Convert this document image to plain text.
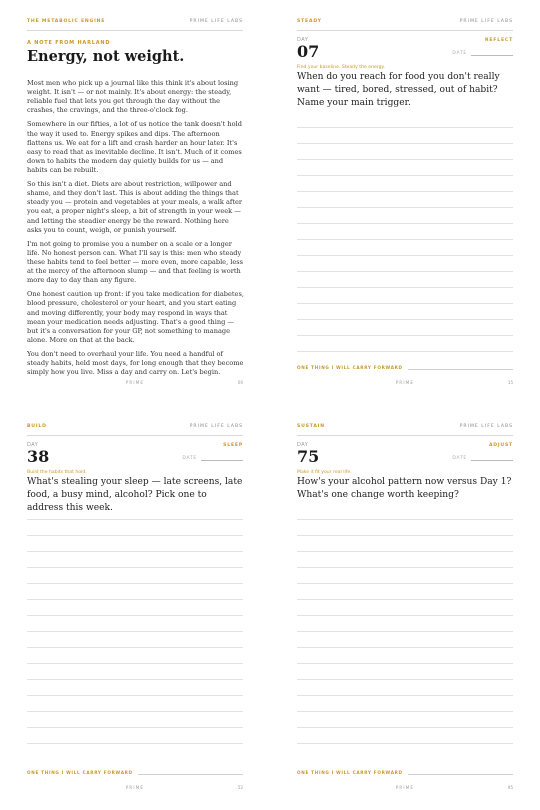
THE METABOLIC ENGINE	PRIME LIFE LABS
A NOTE FROM HARLAND
Energy, not weight.

Most men who pick up a journal like this think it's about losing weight. It isn't — or not mainly. It's about energy: the steady, reliable fuel that lets you get through the day without the crashes, the cravings, and the three-o'clock fog.

Somewhere in our fifties, a lot of us notice the tank doesn't hold the way it used to. Energy spikes and dips. The afternoon flattens us. We eat for a lift and crash harder an hour later. It's easy to read that as inevitable decline. It isn't. Much of it comes down to habits the modern day quietly builds for us — and habits can be rebuilt.

So this isn't a diet. Diets are about restriction, willpower and shame, and they don't last. This is about adding the things that steady you — protein and vegetables at your meals, a walk after you eat, a proper night's sleep, a bit of strength in your week — and letting the steadier energy be the reward. Nothing here asks you to count, weigh, or punish yourself.

I'm not going to promise you a number on a scale or a longer life. No honest person can. What I'll say is this: men who steady these habits tend to feel better — more even, more capable, less at the mercy of the afternoon slump — and that feeling is worth more day to day than any figure.

One honest caution up front: if you take medication for diabetes, blood pressure, cholesterol or your heart, and you start eating and moving differently, your body may respond in ways that mean your medication needs adjusting. That's a good thing — but it's a conversation for your GP, not something to manage alone. More on that at the back.

You don't need to overhaul your life. You need a handful of steady habits, held most days, for long enough that they become simply how you live. Miss a day and carry on. Let's begin.

PRIME	00
STEADY	PRIME LIFE LABS
DAY
07
REFLECT
DATE
Find your baseline. Steady the energy.
When do you reach for food you don't really want — tired, bored, stressed, out of habit? Name your main trigger.
ONE THING I WILL CARRY FORWARD
PRIME	15
BUILD	PRIME LIFE LABS
DAY
38
SLEEP
DATE
Build the habits that hold.
What's stealing your sleep — late screens, late food, a busy mind, alcohol? Pick one to address this week.
ONE THING I WILL CARRY FORWARD
PRIME	52
SUSTAIN	PRIME LIFE LABS
DAY
75
ADJUST
DATE
Make it fit your real life.
How's your alcohol pattern now versus Day 1? What's one change worth keeping?
ONE THING I WILL CARRY FORWARD
PRIME	95
